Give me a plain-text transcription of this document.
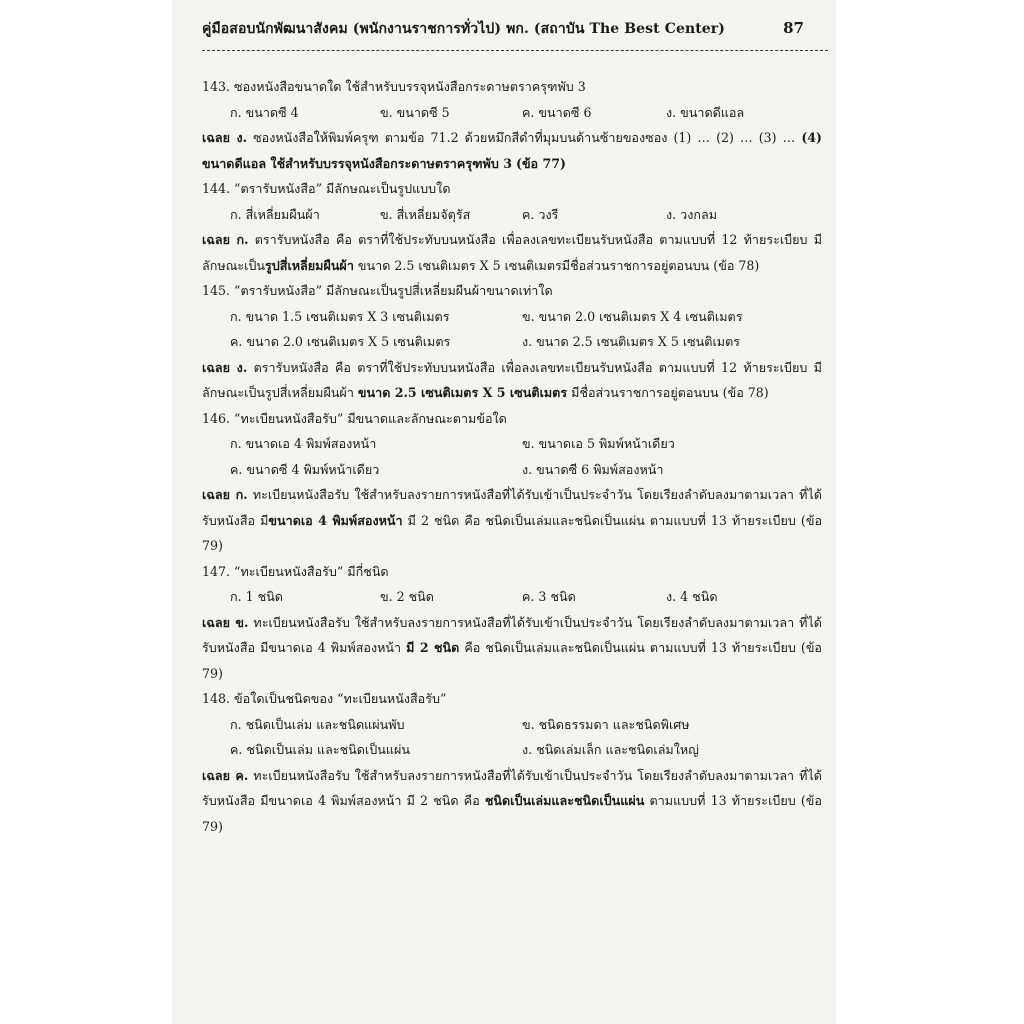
คู่มือสอบนักพัฒนาสังคม (พนักงานราชการทั่วไป) พก. (สถาบัน The Best Center)	87
143. ซองหนังสือขนาดใด ใช้สำหรับบรรจุหนังสือกระดาษตราครุฑพับ 3
ก. ขนาดซี 4	ข. ขนาดซี 5	ค. ขนาดซี 6	ง. ขนาดดีแอล
เฉลย ง. ซองหนังสือให้พิมพ์ครุฑ ตามข้อ 71.2 ด้วยหมึกสีดำที่มุมบนด้านซ้ายของซอง (1) … (2) … (3) … (4) ขนาดดีแอล ใช้สำหรับบรรจุหนังสือกระดาษตราครุฑพับ 3 (ข้อ 77)
144. “ตรารับหนังสือ” มีลักษณะเป็นรูปแบบใด
ก. สี่เหลี่ยมผืนผ้า	ข. สี่เหลี่ยมจัตุรัส	ค. วงรี	ง. วงกลม
เฉลย ก. ตรารับหนังสือ คือ ตราที่ใช้ประทับบนหนังสือ เพื่อลงเลขทะเบียนรับหนังสือ ตามแบบที่ 12 ท้ายระเบียบ มีลักษณะเป็นรูปสี่เหลี่ยมผืนผ้า ขนาด 2.5 เซนติเมตร X 5 เซนติเมตรมีชื่อส่วนราชการอยู่ตอนบน (ข้อ 78)
145. “ตรารับหนังสือ” มีลักษณะเป็นรูปสี่เหลี่ยมผืนผ้าขนาดเท่าใด
ก. ขนาด 1.5 เซนติเมตร X 3 เซนติเมตร	ข. ขนาด 2.0 เซนติเมตร X 4 เซนติเมตร
ค. ขนาด 2.0 เซนติเมตร X 5 เซนติเมตร	ง. ขนาด 2.5 เซนติเมตร X 5 เซนติเมตร
เฉลย ง. ตรารับหนังสือ คือ ตราที่ใช้ประทับบนหนังสือ เพื่อลงเลขทะเบียนรับหนังสือ ตามแบบที่ 12 ท้ายระเบียบ มีลักษณะเป็นรูปสี่เหลี่ยมผืนผ้า ขนาด 2.5 เซนติเมตร X 5 เซนติเมตร มีชื่อส่วนราชการอยู่ตอนบน (ข้อ 78)
146. “ทะเบียนหนังสือรับ” มีขนาดและลักษณะตามข้อใด
ก. ขนาดเอ 4 พิมพ์สองหน้า	ข. ขนาดเอ 5 พิมพ์หน้าเดียว
ค. ขนาดซี 4 พิมพ์หน้าเดียว	ง. ขนาดซี 6 พิมพ์สองหน้า
เฉลย ก. ทะเบียนหนังสือรับ ใช้สำหรับลงรายการหนังสือที่ได้รับเข้าเป็นประจำวัน โดยเรียงลำดับลงมาตามเวลา ที่ได้รับหนังสือ มีขนาดเอ 4 พิมพ์สองหน้า มี 2 ชนิด คือ ชนิดเป็นเล่มและชนิดเป็นแผ่น ตามแบบที่ 13 ท้ายระเบียบ (ข้อ 79)
147. “ทะเบียนหนังสือรับ” มีกี่ชนิด
ก. 1 ชนิด	ข. 2 ชนิด	ค. 3 ชนิด	ง. 4 ชนิด
เฉลย ข. ทะเบียนหนังสือรับ ใช้สำหรับลงรายการหนังสือที่ได้รับเข้าเป็นประจำวัน โดยเรียงลำดับลงมาตามเวลา ที่ได้รับหนังสือ มีขนาดเอ 4 พิมพ์สองหน้า มี 2 ชนิด คือ ชนิดเป็นเล่มและชนิดเป็นแผ่น ตามแบบที่ 13 ท้ายระเบียบ (ข้อ 79)
148. ข้อใดเป็นชนิดของ “ทะเบียนหนังสือรับ”
ก. ชนิดเป็นเล่ม และชนิดแผ่นพับ	ข. ชนิดธรรมดา และชนิดพิเศษ
ค. ชนิดเป็นเล่ม และชนิดเป็นแผ่น	ง. ชนิดเล่มเล็ก และชนิดเล่มใหญ่
เฉลย ค. ทะเบียนหนังสือรับ ใช้สำหรับลงรายการหนังสือที่ได้รับเข้าเป็นประจำวัน โดยเรียงลำดับลงมาตามเวลา ที่ได้รับหนังสือ มีขนาดเอ 4 พิมพ์สองหน้า มี 2 ชนิด คือ ชนิดเป็นเล่มและชนิดเป็นแผ่น ตามแบบที่ 13 ท้ายระเบียบ (ข้อ 79)
